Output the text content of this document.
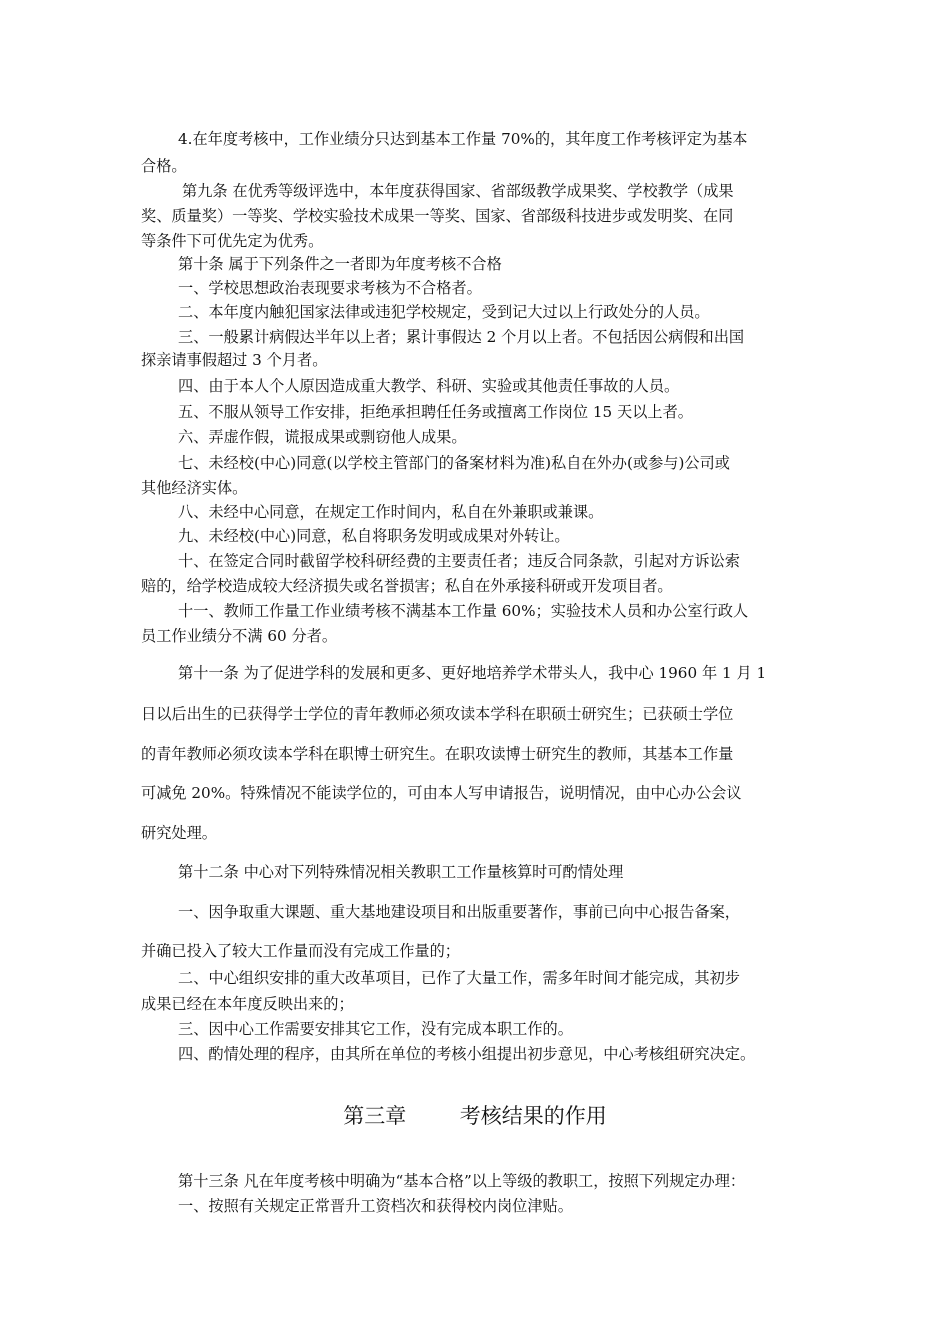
4.在年度考核中，工作业绩分只达到基本工作量 70%的，其年度工作考核评定为基本
合格。
第九条 在优秀等级评选中，本年度获得国家、省部级教学成果奖、学校教学（成果
奖、质量奖）一等奖、学校实验技术成果一等奖、国家、省部级科技进步或发明奖、在同
等条件下可优先定为优秀。
第十条 属于下列条件之一者即为年度考核不合格
一、学校思想政治表现要求考核为不合格者。
二、本年度内触犯国家法律或违犯学校规定，受到记大过以上行政处分的人员。
三、一般累计病假达半年以上者；累计事假达 2 个月以上者。不包括因公病假和出国
探亲请事假超过 3 个月者。
四、由于本人个人原因造成重大教学、科研、实验或其他责任事故的人员。
五、不服从领导工作安排，拒绝承担聘任任务或擅离工作岗位 15 天以上者。
六、弄虚作假，谎报成果或剽窃他人成果。
七、未经校(中心)同意(以学校主管部门的备案材料为准)私自在外办(或参与)公司或
其他经济实体。
八、未经中心同意，在规定工作时间内，私自在外兼职或兼课。
九、未经校(中心)同意，私自将职务发明或成果对外转让。
十、在签定合同时截留学校科研经费的主要责任者；违反合同条款，引起对方诉讼索
赔的，给学校造成较大经济损失或名誉损害；私自在外承接科研或开发项目者。
十一、教师工作量工作业绩考核不满基本工作量 60%；实验技术人员和办公室行政人
员工作业绩分不满 60 分者。
第十一条 为了促进学科的发展和更多、更好地培养学术带头人，我中心 1960 年 1 月 1
日以后出生的已获得学士学位的青年教师必须攻读本学科在职硕士研究生；已获硕士学位
的青年教师必须攻读本学科在职博士研究生。在职攻读博士研究生的教师，其基本工作量
可减免 20%。特殊情况不能读学位的，可由本人写申请报告，说明情况，由中心办公会议
研究处理。
第十二条 中心对下列特殊情况相关教职工工作量核算时可酌情处理
一、因争取重大课题、重大基地建设项目和出版重要著作，事前已向中心报告备案，
并确已投入了较大工作量而没有完成工作量的；
二、中心组织安排的重大改革项目，已作了大量工作，需多年时间才能完成，其初步
成果已经在本年度反映出来的；
三、因中心工作需要安排其它工作，没有完成本职工作的。
四、酌情处理的程序，由其所在单位的考核小组提出初步意见，中心考核组研究决定。
第三章        考核结果的作用
第十三条 凡在年度考核中明确为“基本合格”以上等级的教职工，按照下列规定办理：
一、按照有关规定正常晋升工资档次和获得校内岗位津贴。
